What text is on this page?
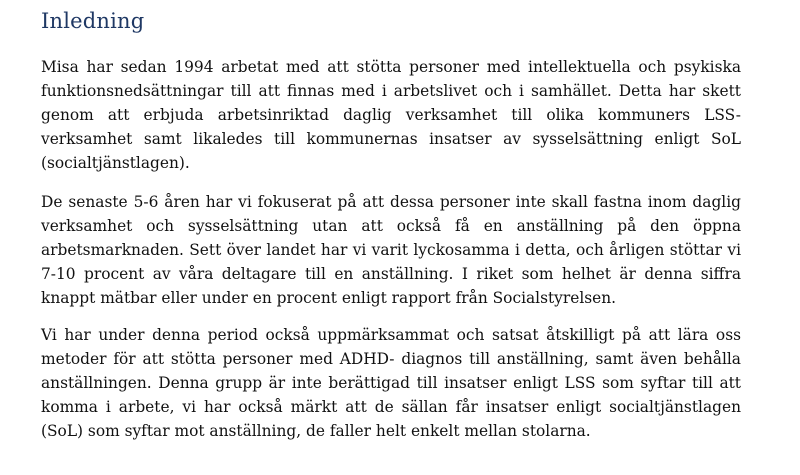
Inledning

Misa har sedan 1994 arbetat med att stötta personer med intellektuella och psykiska funktionsnedsättningar till att finnas med i arbetslivet och i samhället. Detta har skett genom att erbjuda arbetsinriktad daglig verksamhet till olika kommuners LSS-verksamhet samt likaledes till kommunernas insatser av sysselsättning enligt SoL (socialtjänstlagen).

De senaste 5-6 åren har vi fokuserat på att dessa personer inte skall fastna inom daglig verksamhet och sysselsättning utan att också få en anställning på den öppna arbetsmarknaden. Sett över landet har vi varit lyckosamma i detta, och årligen stöttar vi 7-10 procent av våra deltagare till en anställning. I riket som helhet är denna siffra knappt mätbar eller under en procent enligt rapport från Socialstyrelsen.

Vi har under denna period också uppmärksammat och satsat åtskilligt på att lära oss metoder för att stötta personer med ADHD- diagnos till anställning, samt även behålla anställningen. Denna grupp är inte berättigad till insatser enligt LSS som syftar till att komma i arbete, vi har också märkt att de sällan får insatser enligt socialtjänstlagen (SoL) som syftar mot anställning, de faller helt enkelt mellan stolarna.
